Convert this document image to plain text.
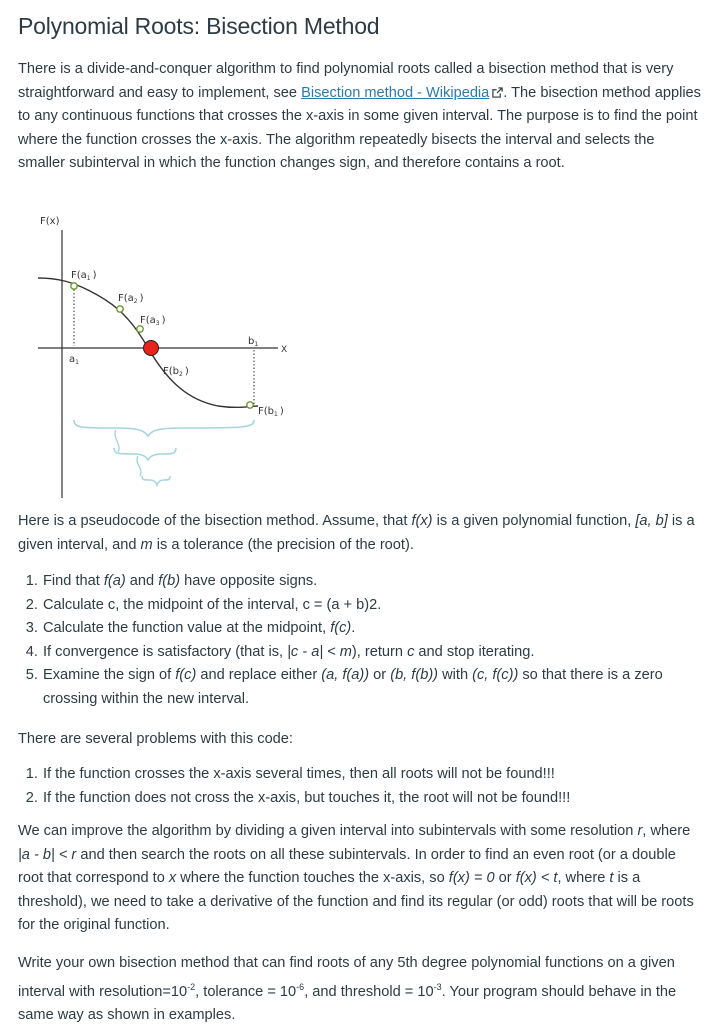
Polynomial Roots: Bisection Method

There is a divide-and-conquer algorithm to find polynomial roots called a bisection method that is very straightforward and easy to implement, see Bisection method - Wikipedia . The bisection method applies to any continuous functions that crosses the x-axis in some given interval. The purpose is to find the point where the function crosses the x-axis. The algorithm repeatedly bisects the interval and selects the smaller subinterval in which the function changes sign, and therefore contains a root.

F(x)
X
$F(a_1$ )
$F(a_2$ )
$F(a_3$ )
$F(b_2$ )
$F(b_1$ )
$a_1$
$b_1$

Here is a pseudocode of the bisection method. Assume, that f(x) is a given polynomial function, [a, b] is a given interval, and m is a tolerance (the precision of the root).

1. Find that f(a) and f(b) have opposite signs.
2. Calculate c, the midpoint of the interval, c = (a + b)2.
3. Calculate the function value at the midpoint, f(c).
4. If convergence is satisfactory (that is, |c - a| < m), return c and stop iterating.
5. Examine the sign of f(c) and replace either (a, f(a)) or (b, f(b)) with (c, f(c)) so that there is a zero crossing within the new interval.

There are several problems with this code:

1. If the function crosses the x-axis several times, then all roots will not be found!!!
2. If the function does not cross the x-axis, but touches it, the root will not be found!!!

We can improve the algorithm by dividing a given interval into subintervals with some resolution r, where |a - b| < r and then search the roots on all these subintervals. In order to find an even root (or a double root that correspond to x where the function touches the x-axis, so f(x) = 0 or f(x) < t, where t is a threshold), we need to take a derivative of the function and find its regular (or odd) roots that will be roots for the original function.

Write your own bisection method that can find roots of any 5th degree polynomial functions on a given interval with $resolution=10^{-2}$, tolerance = $10^{-6}$, and threshold = $10^{-3}$. Your program should behave in the same way as shown in examples.
